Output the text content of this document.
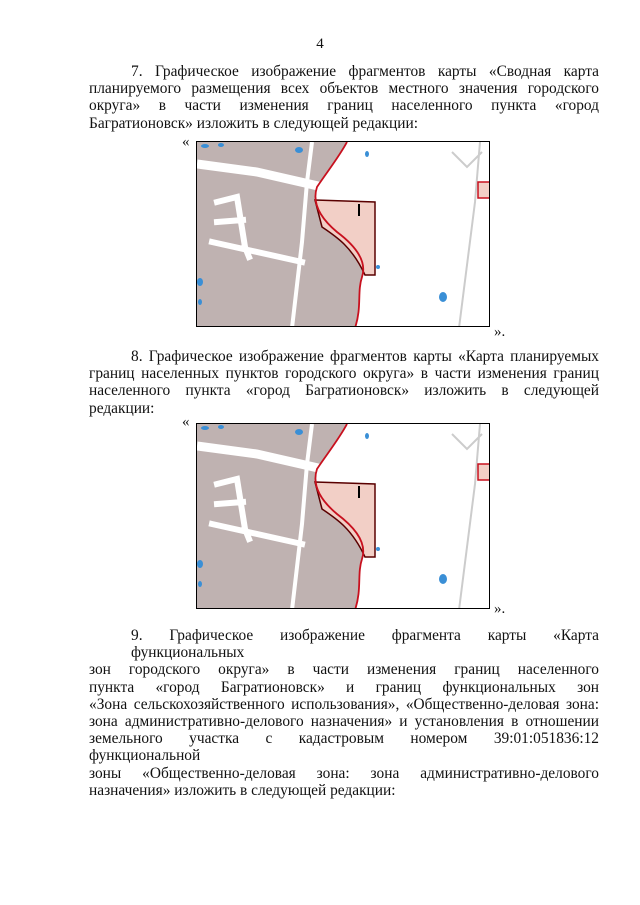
4
7. Графическое изображение фрагментов карты «Сводная карта
планируемого размещения всех объектов местного значения городского
округа» в части изменения границ населенного пункта «город
Багратионовск» изложить в следующей редакции:
«
».
8. Графическое изображение фрагментов карты «Карта планируемых
границ населенных пунктов городского округа» в части изменения границ
населенного пункта «город Багратионовск» изложить в следующей
редакции:
«
».
9. Графическое изображение фрагмента карты «Карта функциональных
зон городского округа» в части изменения границ населенного
пункта «город Багратионовск» и границ функциональных зон
«Зона сельскохозяйственного использования», «Общественно-деловая зона:
зона административно-делового назначения» и установления в отношении
земельного участка с кадастровым номером 39:01:051836:12 функциональной
зоны «Общественно-деловая зона: зона административно-делового
назначения» изложить в следующей редакции:
